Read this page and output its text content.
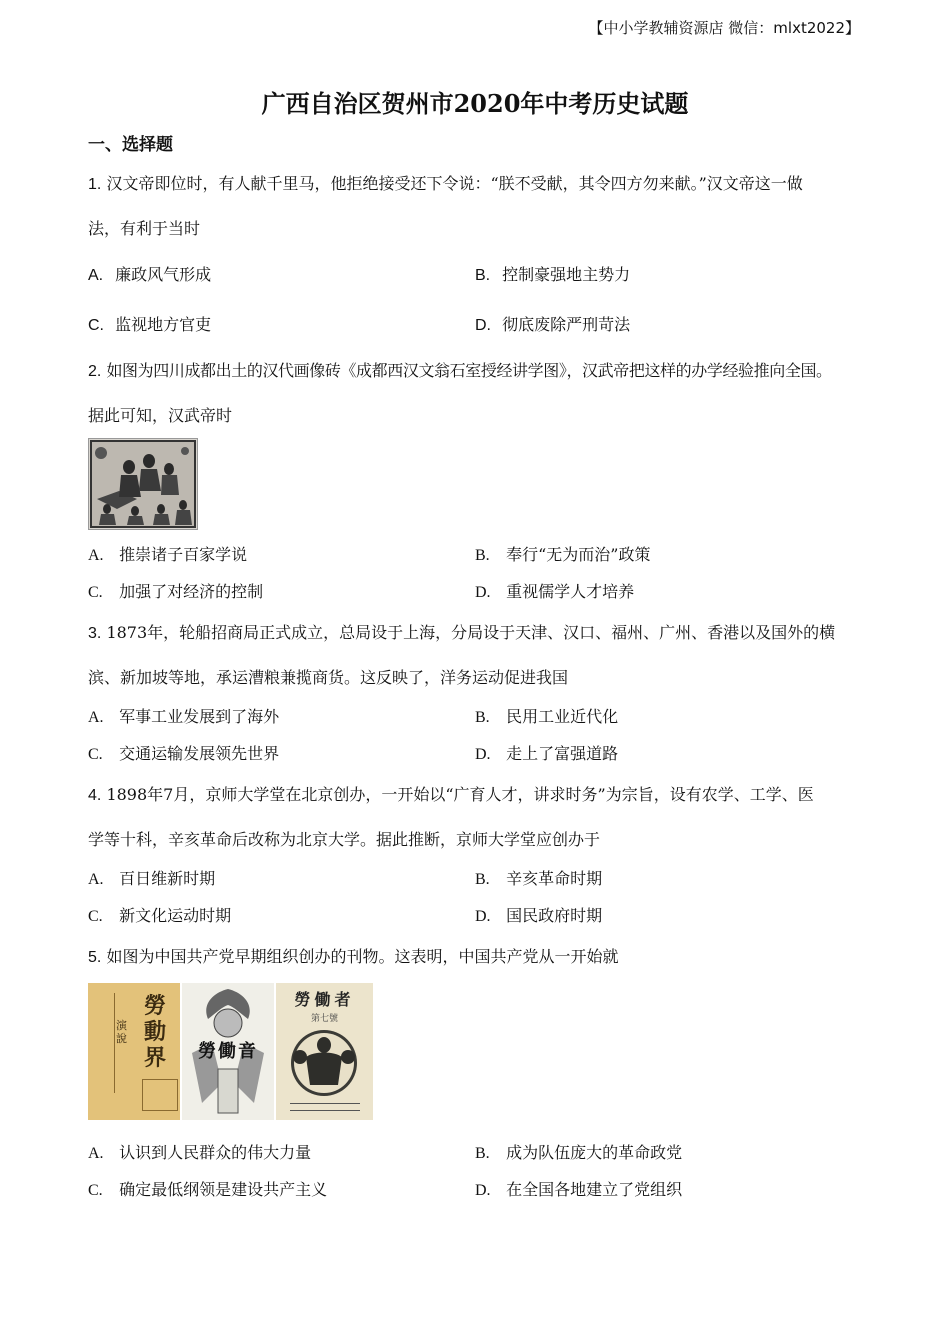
【中小学教辅资源店 微信：mlxt2022】
广西自治区贺州市2020年中考历史试题
一、选择题
1. 汉文帝即位时，有人献千里马，他拒绝接受还下令说：“朕不受献，其令四方勿来献。”汉文帝这一做
法，有利于当时
A. 廉政风气形成	B. 控制豪强地主势力
C. 监视地方官吏	D. 彻底废除严刑苛法
2. 如图为四川成都出土的汉代画像砖《成都西汉文翁石室授经讲学图》，汉武帝把这样的办学经验推向全国。
据此可知，汉武帝时
A. 推崇诸子百家学说	B. 奉行“无为而治”政策
C. 加强了对经济的控制	D. 重视儒学人才培养
3. 1873年，轮船招商局正式成立，总局设于上海，分局设于天津、汉口、福州、广州、香港以及国外的横
滨、新加坡等地，承运漕粮兼揽商货。这反映了，洋务运动促进我国
A. 军事工业发展到了海外	B. 民用工业近代化
C. 交通运输发展领先世界	D. 走上了富强道路
4. 1898年7月，京师大学堂在北京创办，一开始以“广育人才，讲求时务”为宗旨，设有农学、工学、医
学等十科，辛亥革命后改称为北京大学。据此推断，京师大学堂应创办于
A. 百日维新时期	B. 辛亥革命时期
C. 新文化运动时期	D. 国民政府时期
5. 如图为中国共产党早期组织创办的刊物。这表明，中国共产党从一开始就
勞動界
演說
勞働音
勞働者
第七號
A. 认识到人民群众的伟大力量	B. 成为队伍庞大的革命政党
C. 确定最低纲领是建设共产主义	D. 在全国各地建立了党组织
